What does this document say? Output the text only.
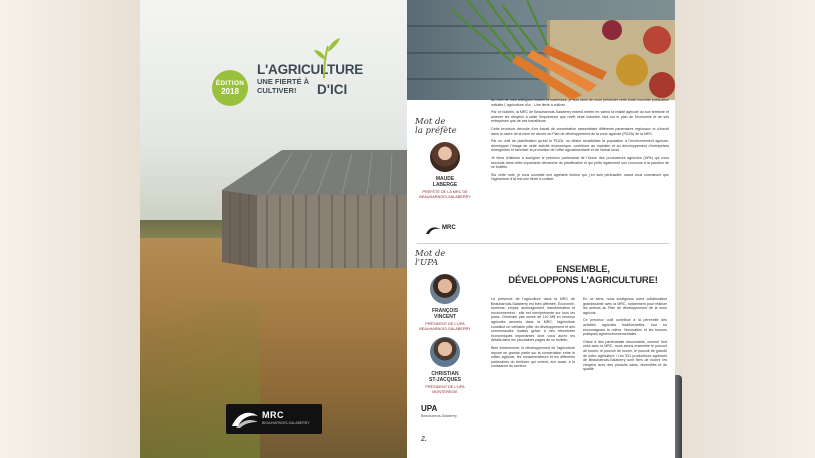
ÉDITION
2018
L'AGRICULTURE
UNE FIERTÉ À CULTIVER!	D'ICI
MRC
BEAUHARNOIS-SALABERRY

Au nom de mes collègues maires et mairesses, je suis ravie de vous présenter cette toute nouvelle publication intitulée L'agriculture d'ici - Une fierté à cultiver.

Par ce bulletin, la MRC de Beauharnois-Salaberry entend mettre en valeur la réalité agricole du son territoire et amener les citoyens à saisir l'importance que revêt cette industrie, tant sur le plan de l'économie et de ses entreprises que de ses travailleurs.

Cette brochure découle d'un travail de concertation rassemblant différents partenaires régionaux et s'inscrit dans le cadre de la mise en œuvre du Plan de développement de la zone agricole (PDZA) de la MRC.

Par ce outil de planification qu'est le PDZA, on désire sensibiliser la population à l'environnement agricole, développer l'image de cette activité économique, contribuer au maintien et au développement d'entreprises émergentes et favoriser la promotion de l'offre agroalimentaire et de l'achat local.

Je tiens d'ailleurs à souligner le précieux partenariat de l'Union des producteurs agricoles (UPA) qui nous seconde dans cette importante démarche de planification et qui prête également son concours à la parution de ce bulletin.

Sur cette note, je vous souhaite une agréable lecture qui, j'en suis persuadée, saura vous convaincre que l'agriculture d'ici est une fierté à cultiver.

Mot de
la préfète
MAUDE
LABERGE
PRÉFÈTE DE LA MRC DE BEAUHARNOIS-SALABERRY
MRC
Mot de
l'UPA
FRANÇOIS
VINCENT
PRÉSIDENT DE L'UPA BEAUHARNOIS-SALABERRY
CHRISTIAN
ST-JACQUES
PRÉSIDENT DE L'UPA MONTÉRÉGIE
UPA
Beauharnois-Salaberry
ENSEMBLE,
DÉVELOPPONS L'AGRICULTURE!

La présence de l'agriculture dans la MRC de Beauharnois-Salaberry est bien affirmée. Économie, tourisme, emploi, aménagement, transformation et environnement : elle est omniprésente sur tous les plans. Générant pas moins de 110 M$ en revenus agricoles annuels dans la MRC, l'agriculture constitue un véritable pilier du développement et des communautés locales grâce à ses retombées économiques importantes dont vous aurez les détails dans les prochaines pages de ce bulletin.

Bien évidemment, le développement de l'agriculture repose en grande partie sur la concertation entre le milieu agricole, les consommateurs et les différents partenaires du territoire qui croient, eux aussi, à la croissance du secteur.

En ce sens, nous soulignons notre collaboration grandissante avec la MRC, notamment pour réaliser les actions du Plan de développement de la zone agricole.

Ce précieux outil contribue à la pérennité des activités agricoles traditionnelles, tout en encourageant la relève, l'innovation et les bonnes pratiques agroenvironnementales.

Grâce à des partenariats structurants, comme l'est celui avec la MRC, nous avons ensemble le pouvoir de nourrir, le pouvoir de nourrir, le pouvoir de grandir de notre agriculture ! Les 531 producteurs agricoles de Beauharnois-Salaberry sont fiers de nourrir les citoyens avec des produits sains, diversifiés et de qualité.

2.
